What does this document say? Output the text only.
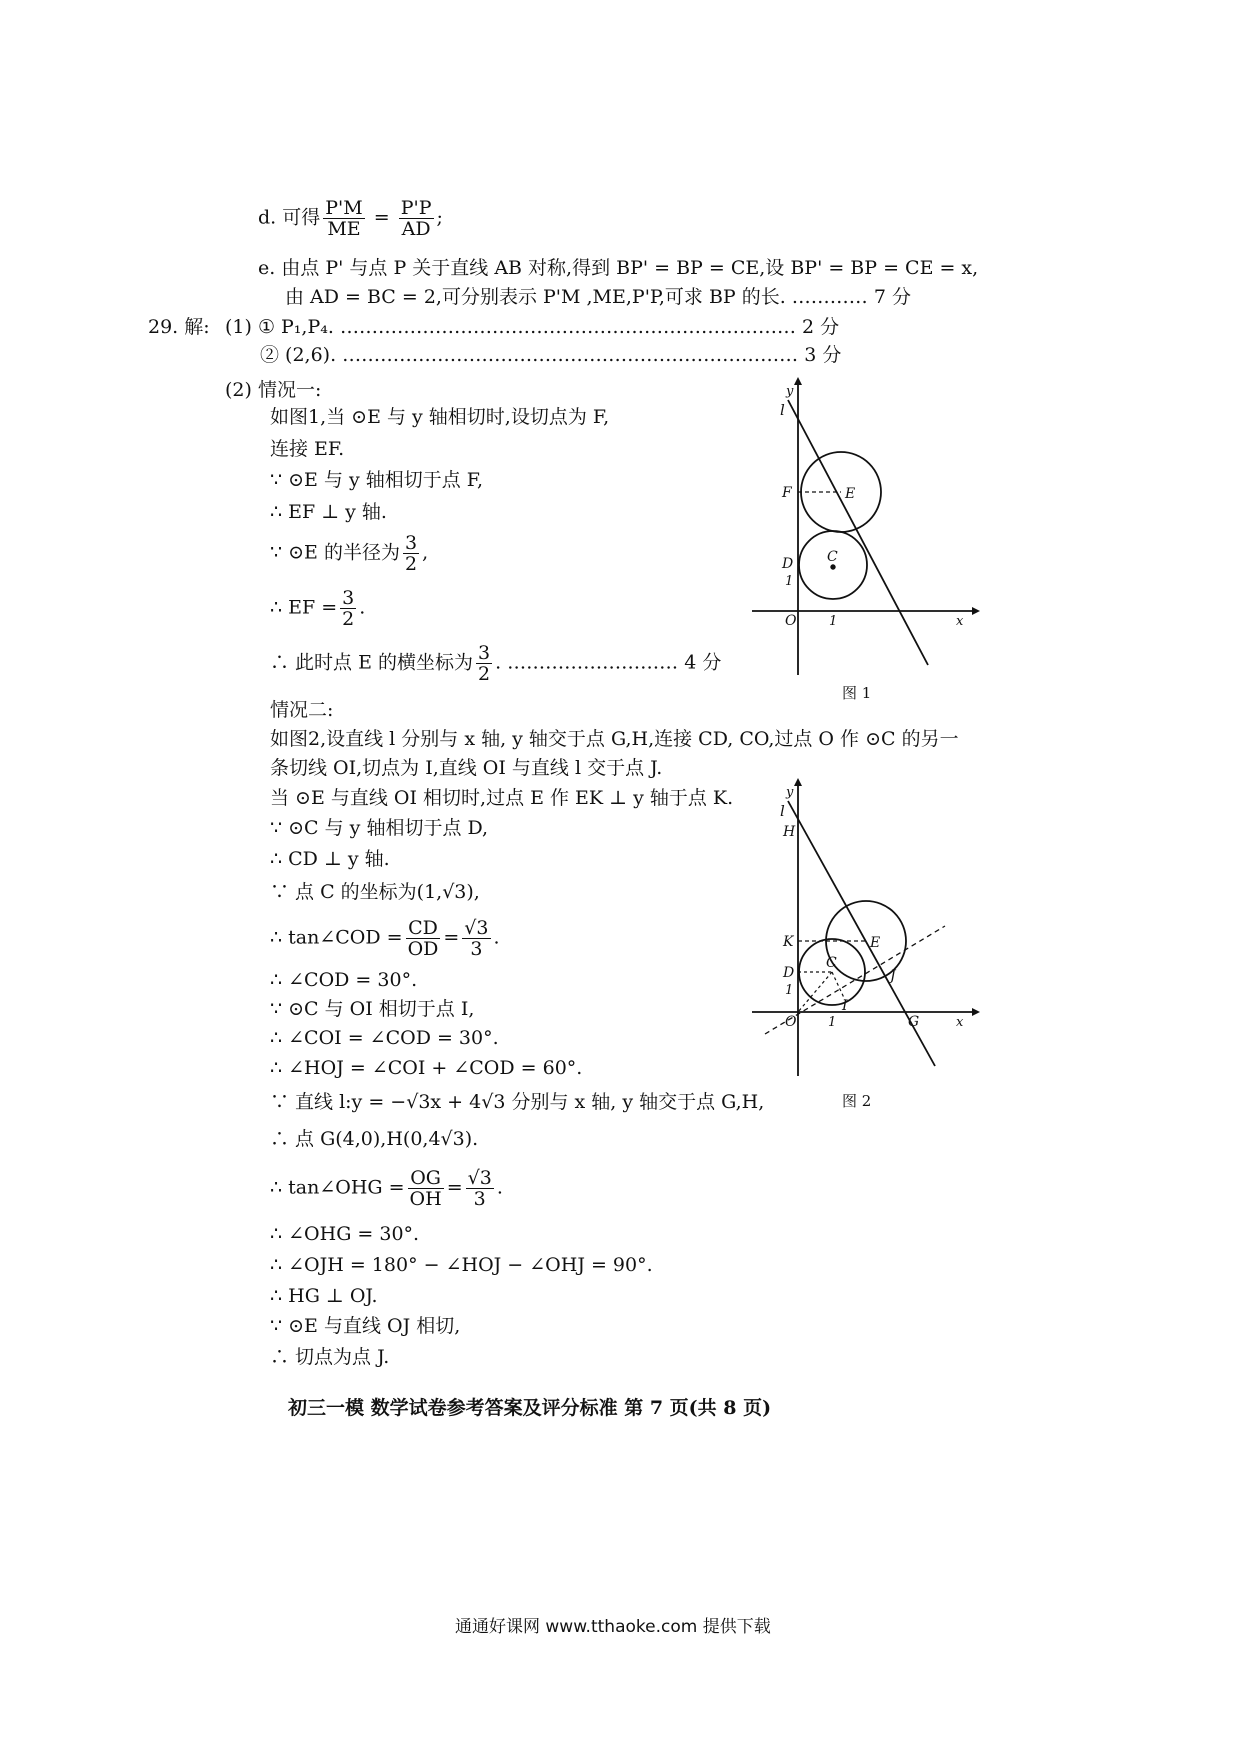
d. 可得 $\frac{P'M}{ME} = \frac{P'P}{AD}$ ;
e. 由点 P' 与点 P 关于直线 AB 对称,得到 BP' = BP = CE,设 BP' = BP = CE = x,
由 AD = BC = 2,可分别表示 P'M ,ME,P'P,可求 BP 的长. ………… 7 分
29. 解: (1) ① P₁,P₄. ……………………………………………………………… 2 分
② (2,6). ……………………………………………………………… 3 分
(2) 情况一:
如图1,当 ⊙E 与 y 轴相切时,设切点为 F,
连接 EF.
∵ ⊙E 与 y 轴相切于点 F,
∴ EF ⊥ y 轴.
∵ ⊙E 的半径为 $\frac{3}{2}$ ,
∴ EF = $\frac{3}{2}$ .
∴ 此时点 E 的横坐标为 $\frac{3}{2}$ . ……………………… 4 分
情况二:
如图2,设直线 l 分别与 x 轴, y 轴交于点 G,H,连接 CD, CO,过点 O 作 ⊙C 的另一
条切线 OI,切点为 I,直线 OI 与直线 l 交于点 J.
当 ⊙E 与直线 OI 相切时,过点 E 作 EK ⊥ y 轴于点 K.
∵ ⊙C 与 y 轴相切于点 D,
∴ CD ⊥ y 轴.
∵ 点 C 的坐标为(1,√3),
∴ tan∠COD = $\frac{CD}{OD} = \frac{√3}{3}$ .
∴ ∠COD = 30°.
∵ ⊙C 与 OI 相切于点 I,
∴ ∠COI = ∠COD = 30°.
∴ ∠HOJ = ∠COI + ∠COD = 60°.
∵ 直线 l:y = −√3x + 4√3 分别与 x 轴, y 轴交于点 G,H,
∴ 点 G(4,0),H(0,4√3).
∴ tan∠OHG = $\frac{OG}{OH} = \frac{√3}{3}$ .
∴ ∠OHG = 30°.
∴ ∠OJH = 180° − ∠HOJ − ∠OHJ = 90°.
∴ HG ⊥ OJ.
∵ ⊙E 与直线 OJ 相切,
∴ 切点为点 J.
y
l
F	E
D C
1
O	1	x
图 1
y
l
H
K	E
C
D	J
1
I
O 1	G	x
图 2
初三一模 数学试卷参考答案及评分标准 第 7 页(共 8 页)
通通好课网 www.tthaoke.com 提供下载
